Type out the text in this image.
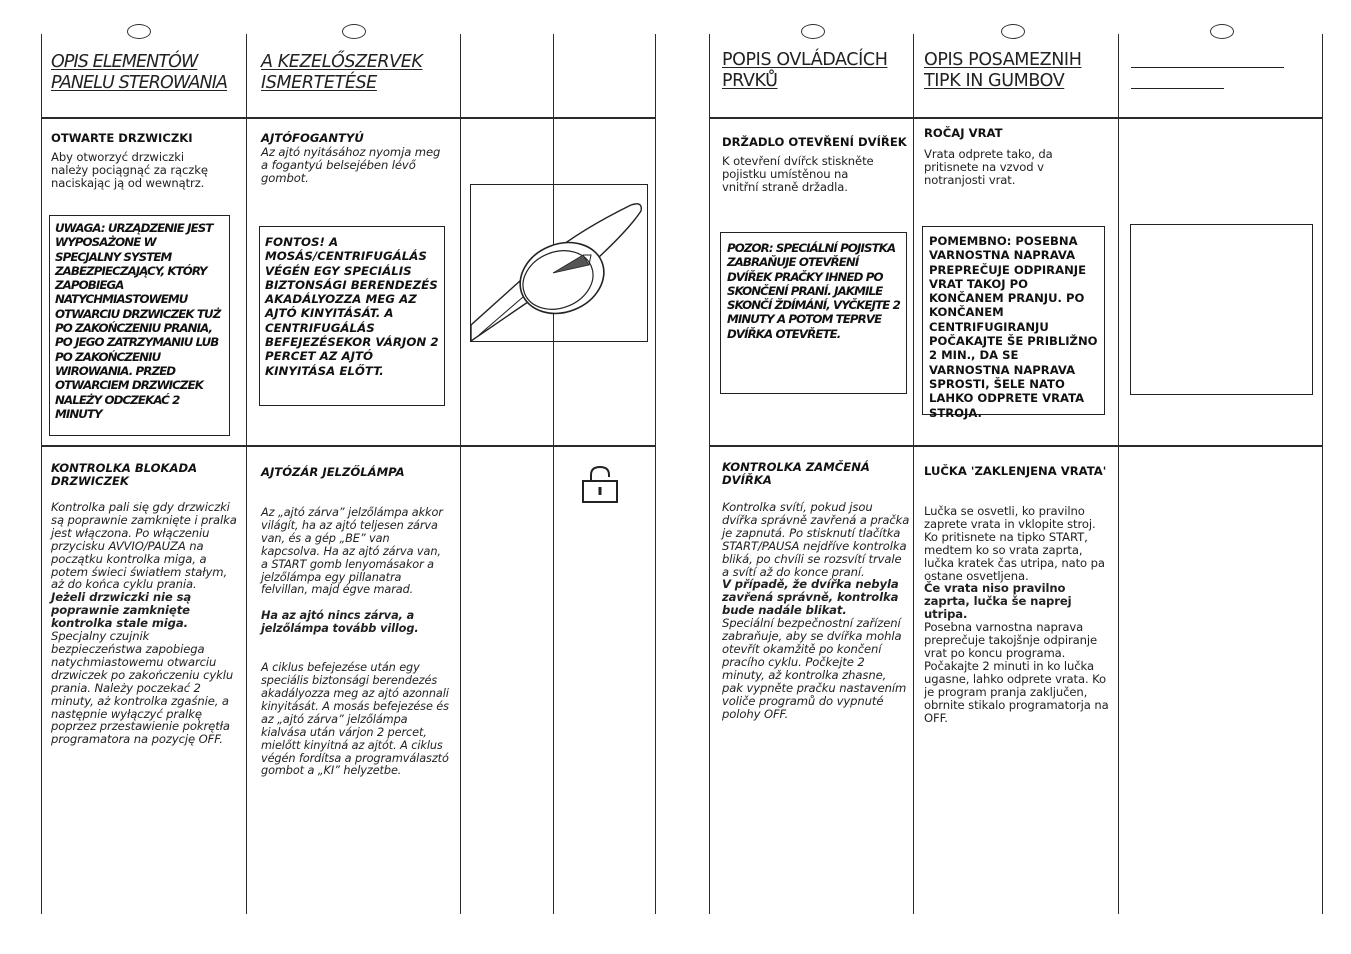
OPIS ELEMENTÓW
PANELU STEROWANIA
OTWARTE DRZWICZKI
Aby otworzyć drzwiczki należy pociągnąć za rączkę naciskając ją od wewnątrz.

UWAGA: URZĄDZENIE JEST WYPOSAŻONE W SPECJALNY SYSTEM ZABEZPIECZAJĄCY, KTÓRY ZAPOBIEGA NATYCHMIASTOWEMU OTWARCIU DRZWICZEK TUŻ PO ZAKOŃCZENIU PRANIA, PO JEGO ZATRZYMANIU LUB PO ZAKOŃCZENIU WIROWANIA. PRZED OTWARCIEM DRZWICZEK NALEŻY ODCZEKAĆ 2 MINUTY

KONTROLKA BLOKADA DRZWICZEK

Kontrolka pali się gdy drzwiczki są poprawnie zamknięte i pralka jest włączona. Po włączeniu przycisku AVVIO/PAUZA na początku kontrolka miga, a potem świeci światłem stałym, aż do końca cyklu prania.

Jeżeli drzwiczki nie są poprawnie zamknięte kontrolka stale miga.

Specjalny czujnik bezpieczeństwa zapobiega natychmiastowemu otwarciu drzwiczek po zakończeniu cyklu prania. Należy poczekać 2 minuty, aż kontrolka zgaśnie, a następnie wyłączyć pralkę poprzez przestawienie pokrętła programatora na pozycję OFF.

A KEZELŐSZERVEK
ISMERTETÉSE
AJTÓFOGANTYÚ
Az ajtó nyitásához nyomja meg a fogantyú belsejében lévő gombot.

FONTOS! A MOSÁS/CENTRIFUGÁLÁS VÉGÉN EGY SPECIÁLIS BIZTONSÁGI BERENDEZÉS AKADÁLYOZZA MEG AZ AJTÓ KINYITÁSÁT. A CENTRIFUGÁLÁS BEFEJEZÉSEKOR VÁRJON 2 PERCET AZ AJTÓ KINYITÁSA ELŐTT.

AJTÓZÁR JELZŐLÁMPA

Az „ajtó zárva” jelzőlámpa akkor világít, ha az ajtó teljesen zárva van, és a gép „BE” van kapcsolva. Ha az ajtó zárva van, a START gomb lenyomásakor a jelzőlámpa egy pillanatra felvillan, majd égve marad.

Ha az ajtó nincs zárva, a jelzőlámpa tovább villog.

A ciklus befejezése után egy speciális biztonsági berendezés akadályozza meg az ajtó azonnali kinyitását. A mosás befejezése és az „ajtó zárva” jelzőlámpa kialvása után várjon 2 percet, mielőtt kinyitná az ajtót. A ciklus végén fordítsa a programválasztó gombot a „KI” helyzetbe.

POPIS OVLÁDACÍCH
PRVKŮ
DRŽADLO OTEVŘENÍ DVÍŘEK
K otevření dvířck stiskněte pojistku umístěnou na vnitřní straně držadla.

POZOR: SPECIÁLNÍ POJISTKA ZABRAŇUJE OTEVŘENÍ DVÍŘEK PRAČKY IHNED PO SKONČENÍ PRANÍ. JAKMILE SKONČÍ ŽDÍMÁNÍ, VYČKEJTE 2 MINUTY A POTOM TEPRVE DVÍŘKA OTEVŘETE.

KONTROLKA ZAMČENÁ DVÍŘKA

Kontrolka svítí, pokud jsou dvířka správně zavřená a pračka je zapnutá. Po stisknutí tlačítka START/PAUSA nejdříve kontrolka bliká, po chvíli se rozsvítí trvale a svítí až do konce praní.

V případě, že dvířka nebyla zavřená správně, kontrolka bude nadále blikat.

Speciální bezpečnostní zařízení zabraňuje, aby se dvířka mohla otevřít okamžitě po končení pracího cyklu. Počkejte 2 minuty, až kontrolka zhasne, pak vypněte pračku nastavením voliče programů do vypnuté polohy OFF.

OPIS POSAMEZNIH
TIPK IN GUMBOV
ROČAJ VRAT
Vrata odprete tako, da pritisnete na vzvod v notranjosti vrat.

POMEMBNO: POSEBNA VARNOSTNA NAPRAVA PREPREČUJE ODPIRANJE VRAT TAKOJ PO KONČANEM PRANJU. PO KONČANEM CENTRIFUGIRANJU POČAKAJTE ŠE PRIBLIŽNO 2 MIN., DA SE VARNOSTNA NAPRAVA SPROSTI, ŠELE NATO LAHKO ODPRETE VRATA STROJA.

LUČKA 'ZAKLENJENA VRATA'

Lučka se osvetli, ko pravilno zaprete vrata in vklopite stroj. Ko pritisnete na tipko START, medtem ko so vrata zaprta, lučka kratek čas utripa, nato pa ostane osvetljena.

Če vrata niso pravilno zaprta, lučka še naprej utripa.

Posebna varnostna naprava preprečuje takojšnje odpiranje vrat po koncu programa. Počakajte 2 minuti in ko lučka ugasne, lahko odprete vrata. Ko je program pranja zaključen, obrnite stikalo programatorja na OFF.
